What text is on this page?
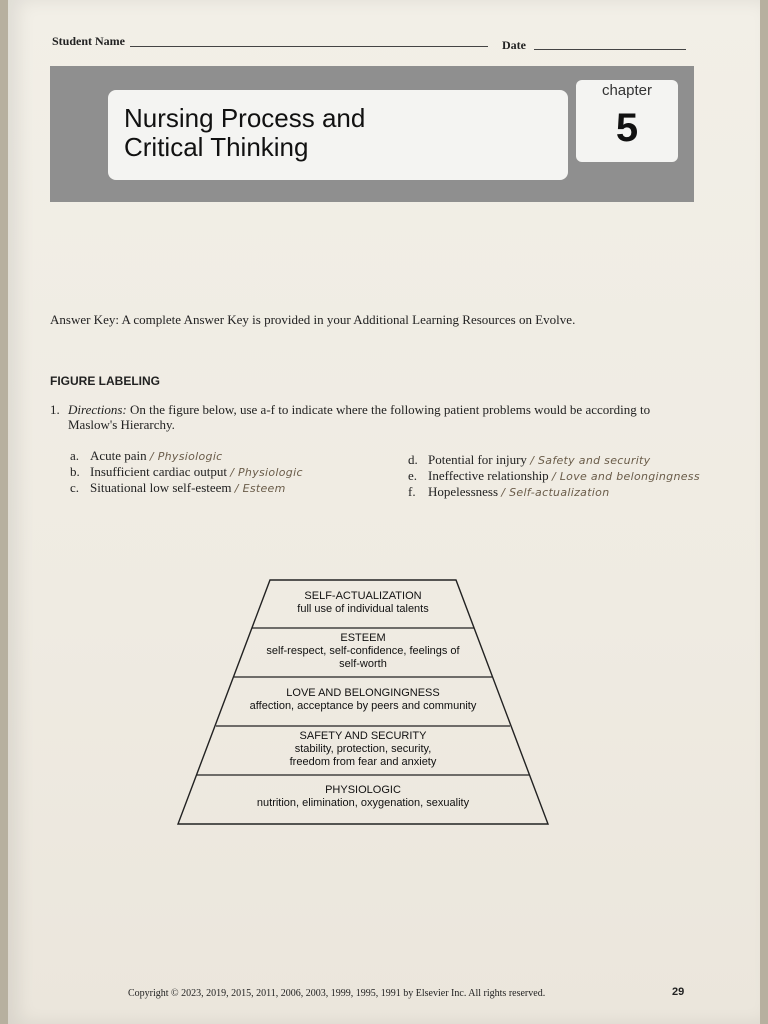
Student Name	Date
Nursing Process and
Critical Thinking
chapter
5
Answer Key: A complete Answer Key is provided in your Additional Learning Resources on Evolve.
FIGURE LABELING
1. Directions: On the figure below, use a-f to indicate where the following patient problems would be according to Maslow's Hierarchy.
a. Acute pain / Physiologic
b. Insufficient cardiac output / Physiologic
c. Situational low self-esteem / Esteem
d. Potential for injury / Safety and security
e. Ineffective relationship / Love and belongingness
f. Hopelessness / Self-actualization
SELF-ACTUALIZATION
full use of individual talents
ESTEEM
self-respect, self-confidence, feelings of self-worth
LOVE AND BELONGINGNESS
affection, acceptance by peers and community
SAFETY AND SECURITY
stability, protection, security, freedom from fear and anxiety
PHYSIOLOGIC
nutrition, elimination, oxygenation, sexuality
Copyright © 2023, 2019, 2015, 2011, 2006, 2003, 1999, 1995, 1991 by Elsevier Inc. All rights reserved.	29
